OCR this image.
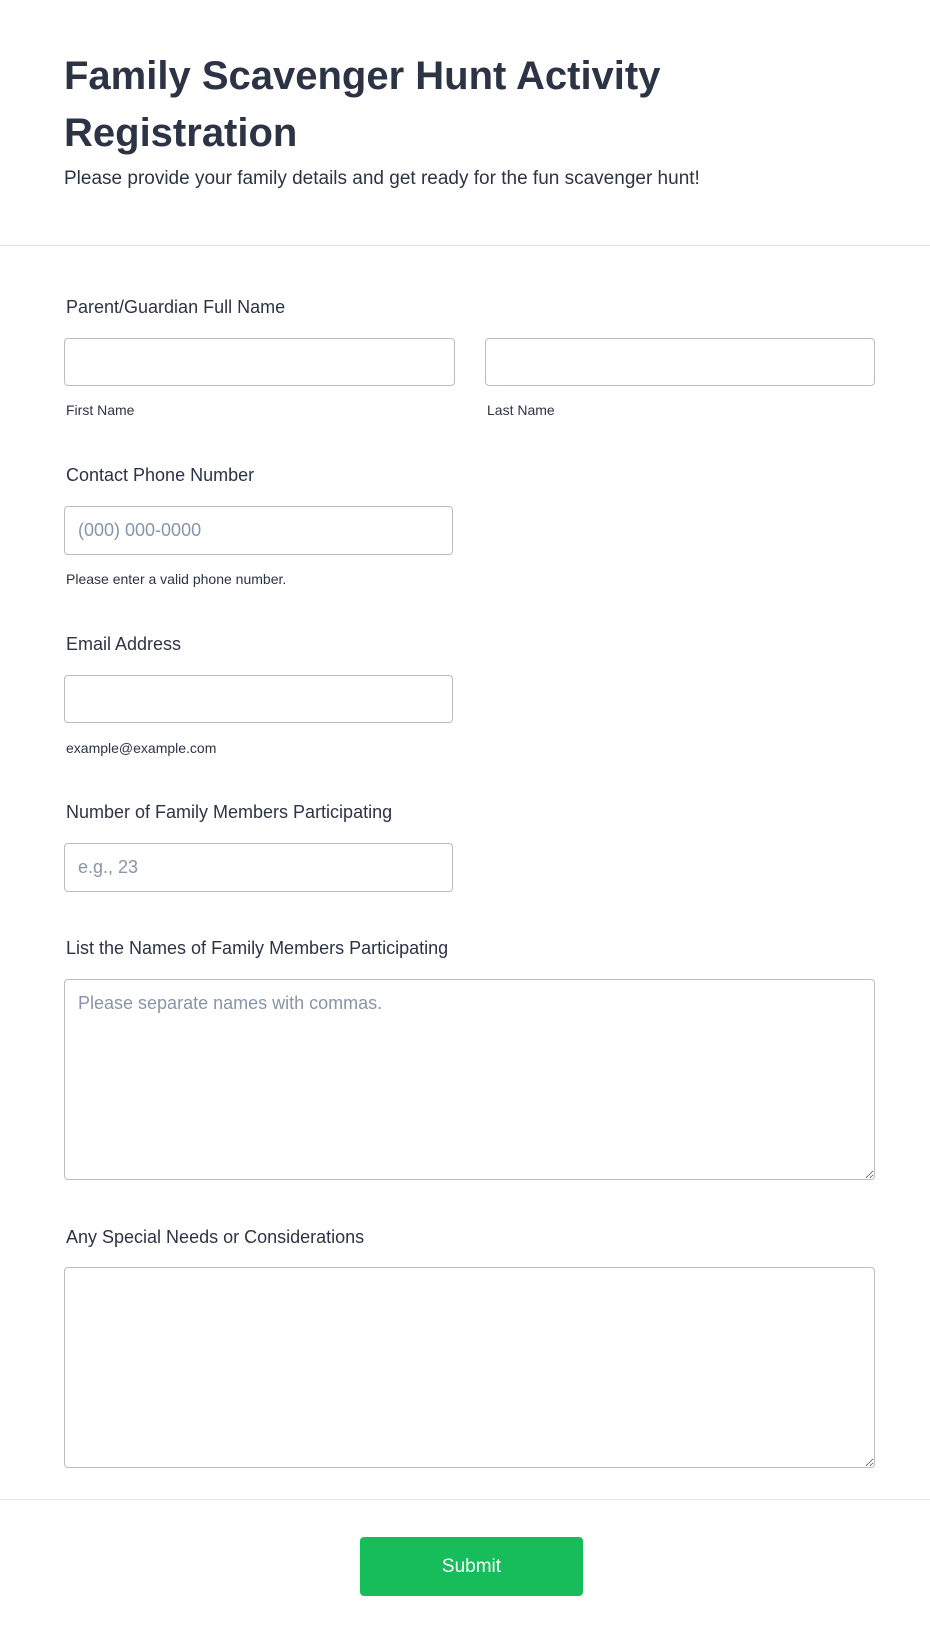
Family Scavenger Hunt Activity Registration
Please provide your family details and get ready for the fun scavenger hunt!
Parent/Guardian Full Name
First Name	Last Name
Contact Phone Number
(000) 000-0000
Please enter a valid phone number.
Email Address
example@example.com
Number of Family Members Participating
e.g., 23
List the Names of Family Members Participating
Please separate names with commas.
Any Special Needs or Considerations
Submit
